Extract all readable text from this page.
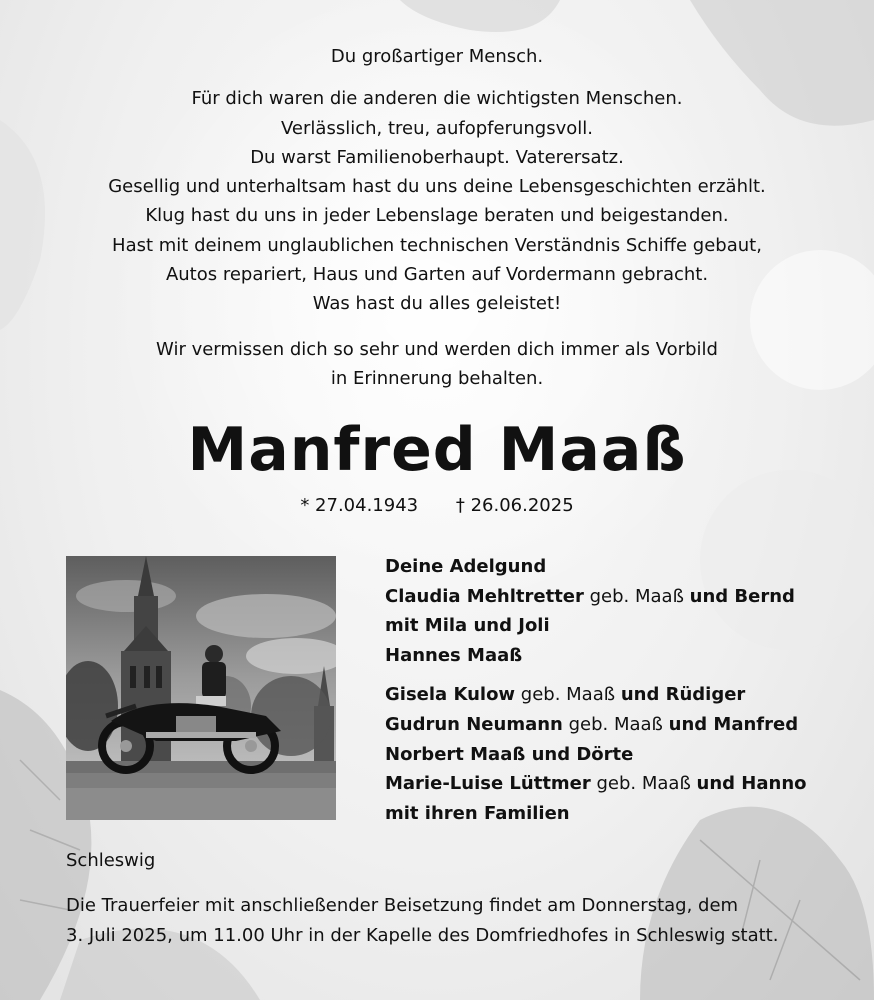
Du großartiger Mensch.

Für dich waren die anderen die wichtigsten Menschen.

Verlässlich, treu, aufopferungsvoll.

Du warst Familienoberhaupt. Vaterersatz.

Gesellig und unterhaltsam hast du uns deine Lebensgeschichten erzählt.

Klug hast du uns in jeder Lebenslage beraten und beigestanden.

Hast mit deinem unglaublichen technischen Verständnis Schiffe gebaut,

Autos repariert, Haus und Garten auf Vordermann gebracht.

Was hast du alles geleistet!

Wir vermissen dich so sehr und werden dich immer als Vorbild

in Erinnerung behalten.

Manfred Maaß
* 27.04.1943 † 26.06.2025

Deine Adelgund

Claudia Mehltretter geb. Maaß und Bernd

mit Mila und Joli

Hannes Maaß

Gisela Kulow geb. Maaß und Rüdiger

Gudrun Neumann geb. Maaß und Manfred

Norbert Maaß und Dörte

Marie-Luise Lüttmer geb. Maaß und Hanno

mit ihren Familien

Schleswig

Die Trauerfeier mit anschließender Beisetzung findet am Donnerstag, dem

3. Juli 2025, um 11.00 Uhr in der Kapelle des Domfriedhofes in Schleswig statt.
